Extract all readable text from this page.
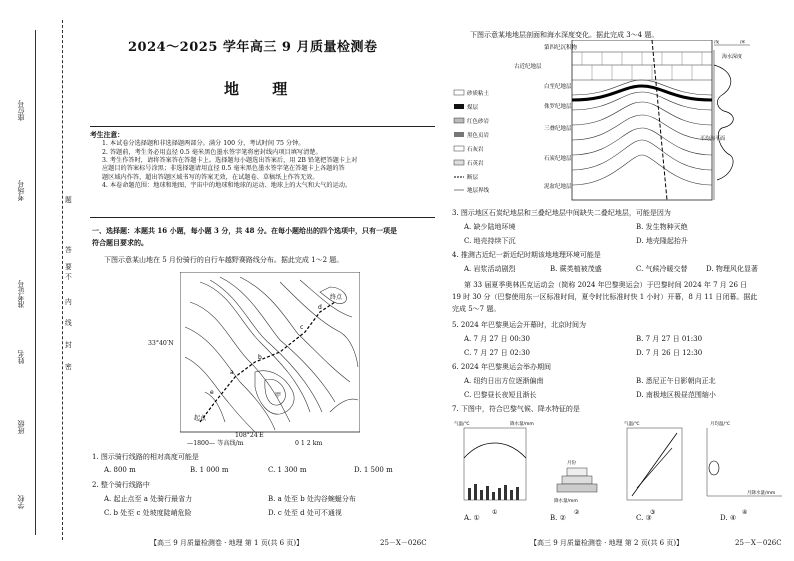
座位号
考场号
准考证号
姓名
班级
学校
题
答
要
不
内
线
封
密
2024～2025 学年高三 9 月质量检测卷
地 理
考生注意：
1. 本试卷分选择题和非选择题两部分。满分 100 分，考试时间 75 分钟。
2. 答题前，考生务必用直径 0.5 毫米黑色墨水签字笔将密封线内项目填写清楚。
3. 考生作答时，请将答案答在答题卡上。选择题每小题选出答案后，用 2B 铅笔把答题卡上对
应题目的答案标号涂黑；非选择题请用直径 0.5 毫米黑色墨水签字笔在答题卡上各题的答
题区域内作答，超出答题区域书写的答案无效，在试题卷、草稿纸上作答无效。
4. 本卷命题范围：地球和地图、宇宙中的地球和地球的运动、地球上的大气和大气的运动。
一、选择题：本题共 16 小题，每小题 3 分，共 48 分。在每小题给出的四个选项中，只有一项是
符合题目要求的。
下图示意某山地在 5 月份骑行的自行车越野赛路线分布。据此完成 1～2 题。
起点
终点
a
b
c
d
甲
e
33°40′N
108°24′E
—1800— 等高线/m	0 1 2 km
1. 图示骑行线路的相对高度可能是
A. 800 m	B. 1 000 m	C. 1 300 m	D. 1 500 m
2. 整个骑行线路中
A. 起止点至 a 处骑行最省力	B. a 处至 b 处沟谷蜿蜒分布
C. b 处至 c 处坡度陡峭危险	D. c 处至 d 处可不通视
【高三 9 月质量检测卷 · 地理 第 1 页(共 6 页)】	25－X－026C
下图示意某地地层剖面和海水深度变化。据此完成 3～4 题。
第四纪沉积物
古近纪地层
白垩纪地层
侏罗纪地层
三叠纪地层
石炭纪地层
泥盆纪地层
砂质粘土
煤层
红色砂岩
黑色页岩
石灰岩
石英岩
断层
地层界线
浅	深
海水深度
平均海平面
3. 图示地区石炭纪地层和三叠纪地层中间缺失二叠纪地层，可能是因为
A. 缺少陆地环境	B. 发生物种灭绝
C. 地壳持续下沉	D. 地壳隆起抬升
4. 推测古近纪一新近纪时期该地地理环境可能是
A. 岩浆活动剧烈	B. 蕨类植被茂盛	C. 气候冷暖交替	D. 物理风化显著
第 33 届夏季奥林匹克运动会（简称 2024 年巴黎奥运会）于巴黎时间 2024 年 7 月 26 日
19 时 30 分（巴黎使用东一区标准时间，夏令时比标准时快 1 小时）开幕，8 月 11 日闭幕。据此
完成 5～7 题。
5. 2024 年巴黎奥运会开幕时，北京时间为
A. 7 月 27 日 00:30	B. 7 月 27 日 01:30
C. 7 月 27 日 02:30	D. 7 月 26 日 12:30
6. 2024 年巴黎奥运会举办期间
A. 纽约日出方位逐渐偏南	B. 悉尼正午日影朝向正北
C. 巴黎昼长夜短且渐长	D. 南极地区极昼范围缩小
7. 下图中，符合巴黎气候、降水特征的是
气温/℃	降水量/mm
①
月份
降水量/mm
②
气温/℃
③
月均温/℃
月降水量/mm
④
A. ①	B. ②	C. ③	D. ④
【高三 9 月质量检测卷 · 地理 第 2 页(共 6 页)】	25－X－026C
